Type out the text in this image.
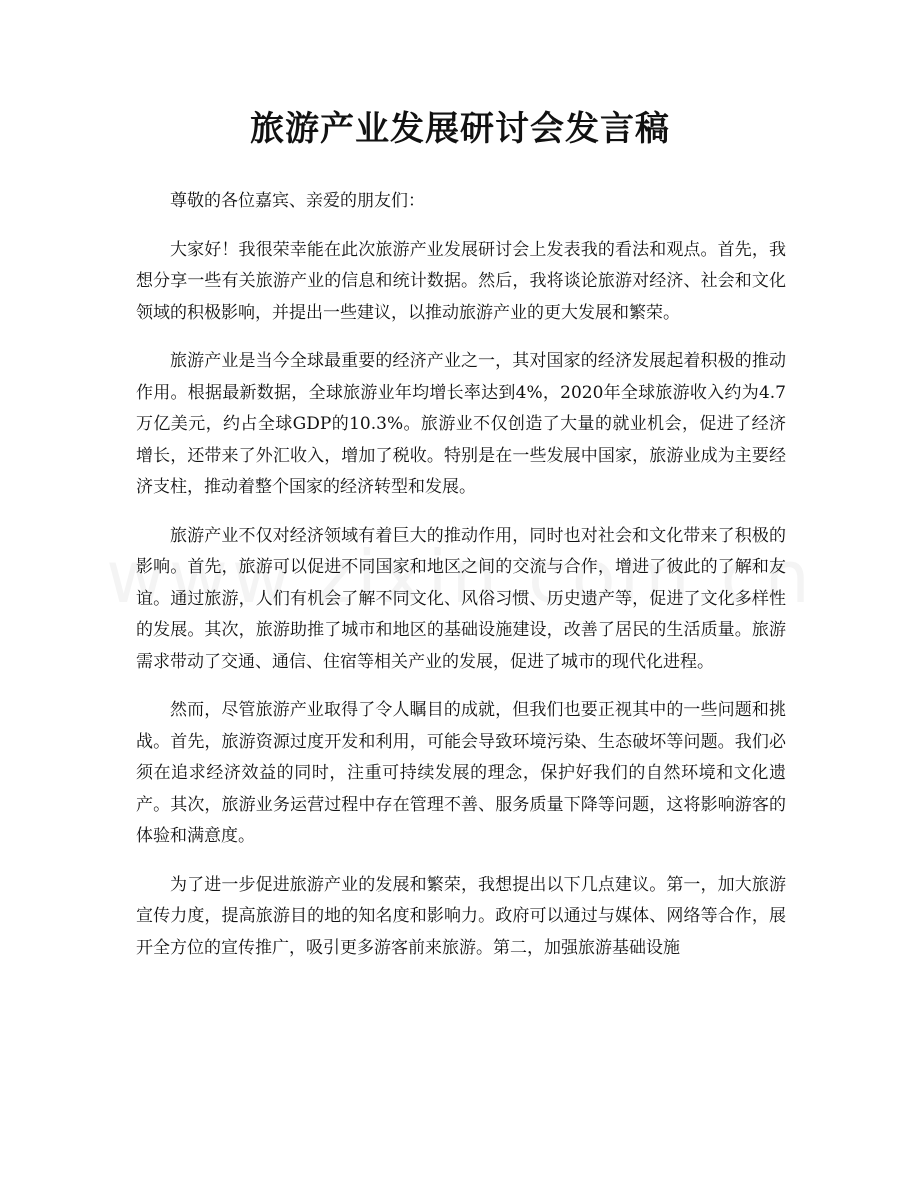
旅游产业发展研讨会发言稿

尊敬的各位嘉宾、亲爱的朋友们：

大家好！我很荣幸能在此次旅游产业发展研讨会上发表我的看法和观点。首先，我想分享一些有关旅游产业的信息和统计数据。然后，我将谈论旅游对经济、社会和文化领域的积极影响，并提出一些建议，以推动旅游产业的更大发展和繁荣。

旅游产业是当今全球最重要的经济产业之一，其对国家的经济发展起着积极的推动作用。根据最新数据，全球旅游业年均增长率达到4%，2020年全球旅游收入约为4.7万亿美元，约占全球GDP的10.3%。旅游业不仅创造了大量的就业机会，促进了经济增长，还带来了外汇收入，增加了税收。特别是在一些发展中国家，旅游业成为主要经济支柱，推动着整个国家的经济转型和发展。

旅游产业不仅对经济领域有着巨大的推动作用，同时也对社会和文化带来了积极的影响。首先，旅游可以促进不同国家和地区之间的交流与合作，增进了彼此的了解和友谊。通过旅游，人们有机会了解不同文化、风俗习惯、历史遗产等，促进了文化多样性的发展。其次，旅游助推了城市和地区的基础设施建设，改善了居民的生活质量。旅游需求带动了交通、通信、住宿等相关产业的发展，促进了城市的现代化进程。

然而，尽管旅游产业取得了令人瞩目的成就，但我们也要正视其中的一些问题和挑战。首先，旅游资源过度开发和利用，可能会导致环境污染、生态破坏等问题。我们必须在追求经济效益的同时，注重可持续发展的理念，保护好我们的自然环境和文化遗产。其次，旅游业务运营过程中存在管理不善、服务质量下降等问题，这将影响游客的体验和满意度。

为了进一步促进旅游产业的发展和繁荣，我想提出以下几点建议。第一，加大旅游宣传力度，提高旅游目的地的知名度和影响力。政府可以通过与媒体、网络等合作，展开全方位的宣传推广，吸引更多游客前来旅游。第二，加强旅游基础设施
